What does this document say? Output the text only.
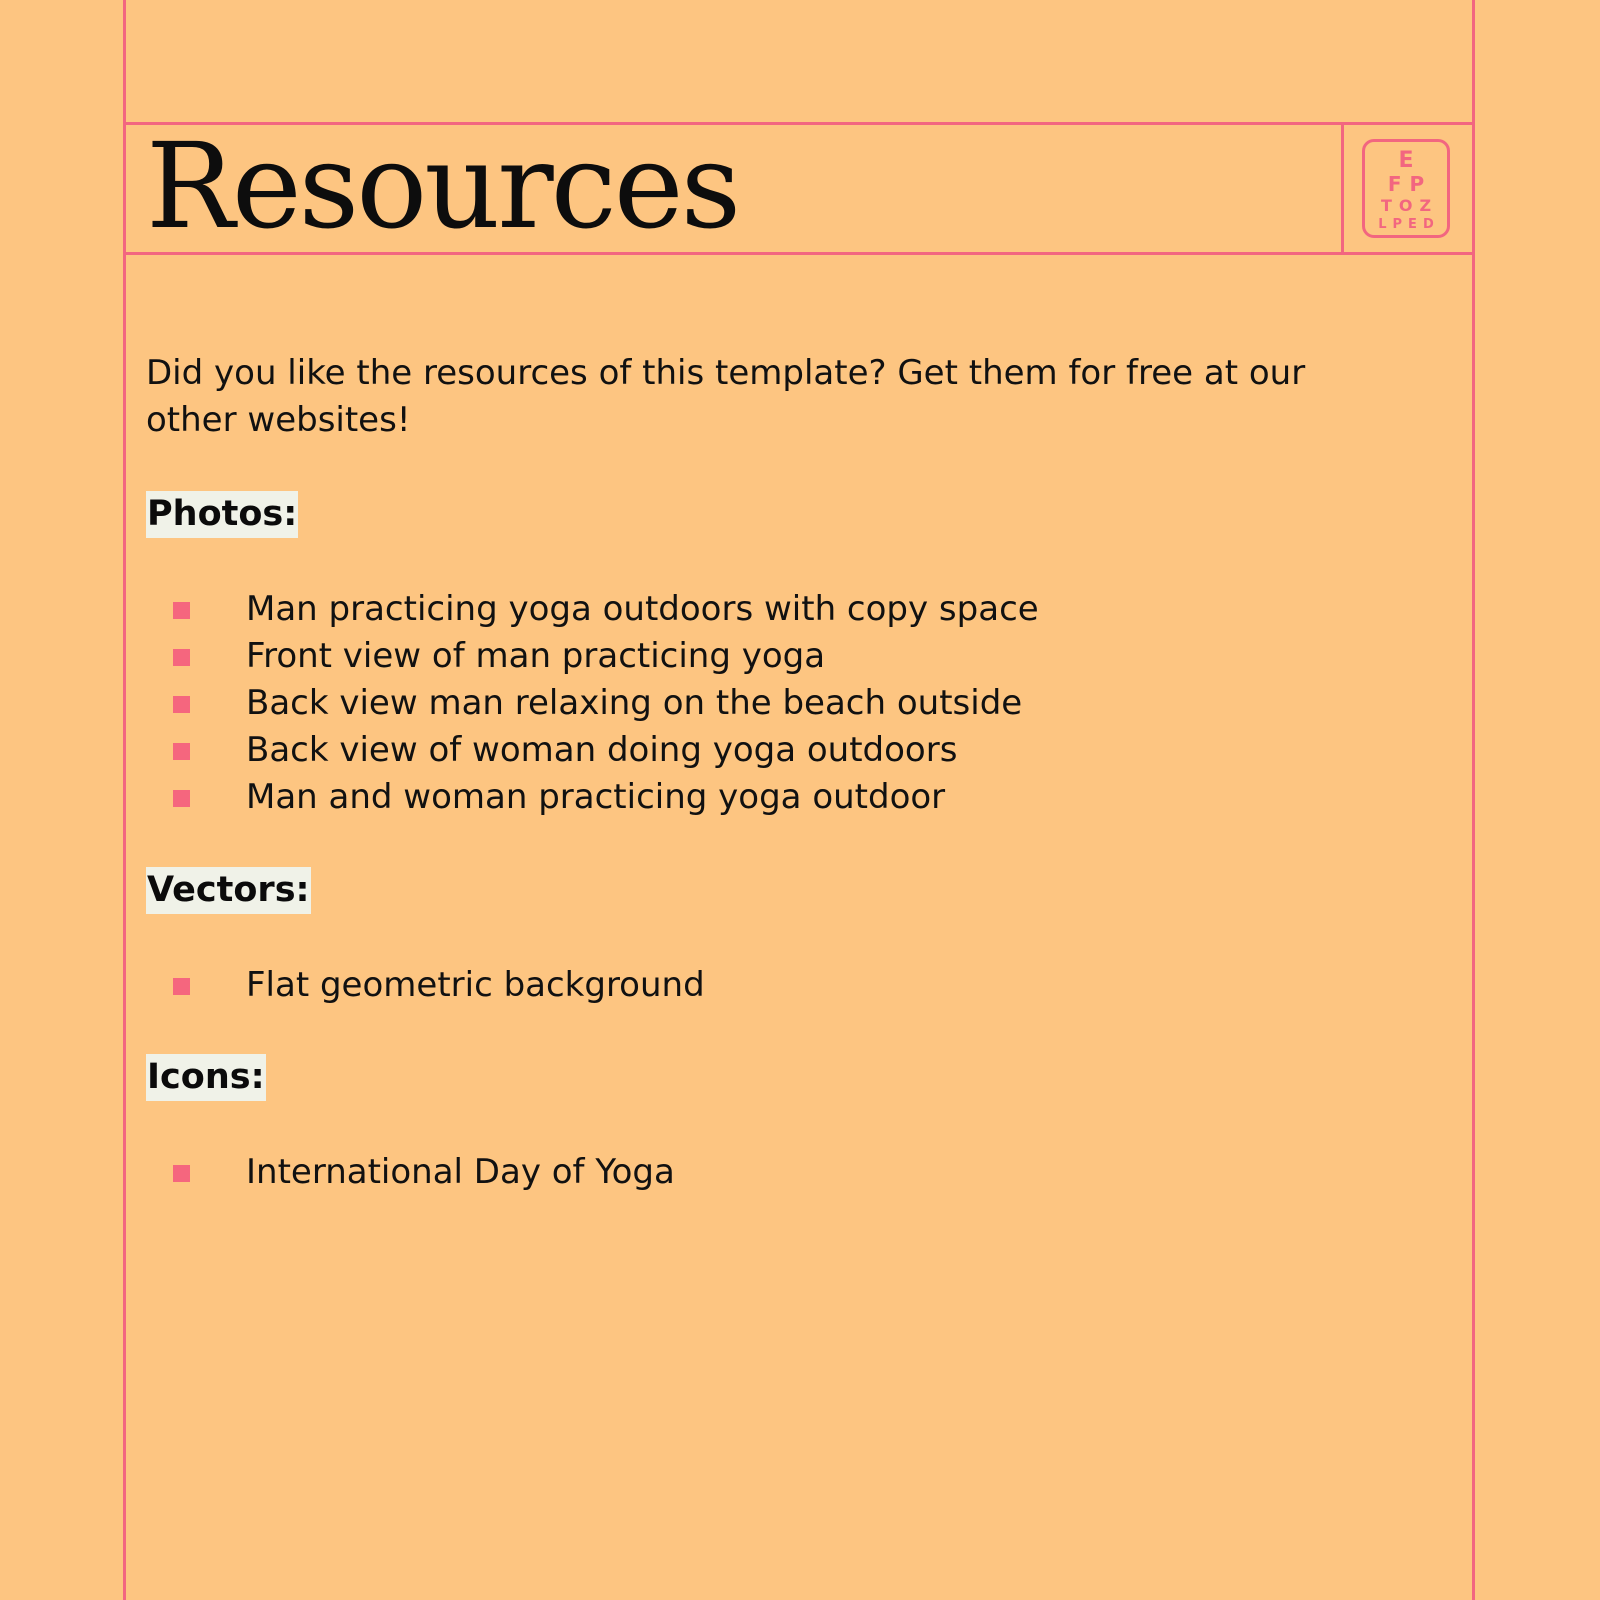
Resources	E
FP
TOZ
LPED

Did you like the resources of this template? Get them for free at our other websites!

Photos:
Man practicing yoga outdoors with copy space
Front view of man practicing yoga
Back view man relaxing on the beach outside
Back view of woman doing yoga outdoors
Man and woman practicing yoga outdoor
Vectors:
Flat geometric background
Icons:
International Day of Yoga
